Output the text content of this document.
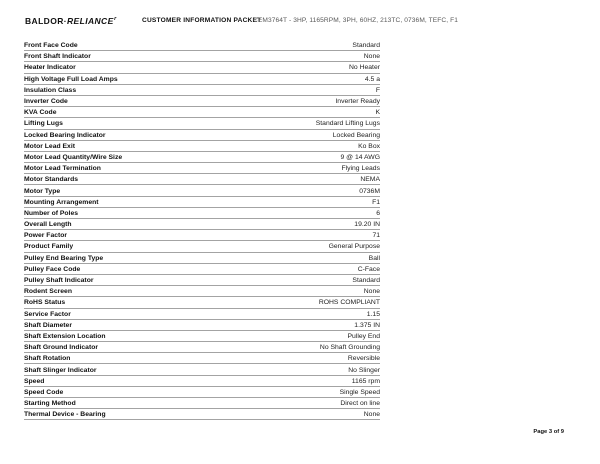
$BALDOR\cdot RELIANCE^r$	CUSTOMER INFORMATION PACKET
CEM3764T - 3HP, 1165RPM, 3PH, 60HZ, 213TC, 0736M, TEFC, F1
Front Face Code	Standard
Front Shaft Indicator	None
Heater Indicator	No Heater
High Voltage Full Load Amps	4.5 a
Insulation Class	F
Inverter Code	Inverter Ready
KVA Code	K
Lifting Lugs	Standard Lifting Lugs
Locked Bearing Indicator	Locked Bearing
Motor Lead Exit	Ko Box
Motor Lead Quantity/Wire Size	9 @ 14 AWG
Motor Lead Termination	Flying Leads
Motor Standards	NEMA
Motor Type	0736M
Mounting Arrangement	F1
Number of Poles	6
Overall Length	19.20 IN
Power Factor	71
Product Family	General Purpose
Pulley End Bearing Type	Ball
Pulley Face Code	C-Face
Pulley Shaft Indicator	Standard
Rodent Screen	None
RoHS Status	ROHS COMPLIANT
Service Factor	1.15
Shaft Diameter	1.375 IN
Shaft Extension Location	Pulley End
Shaft Ground Indicator	No Shaft Grounding
Shaft Rotation	Reversible
Shaft Slinger Indicator	No Slinger
Speed	1165 rpm
Speed Code	Single Speed
Starting Method	Direct on line
Thermal Device - Bearing	None
Page 3 of 9
